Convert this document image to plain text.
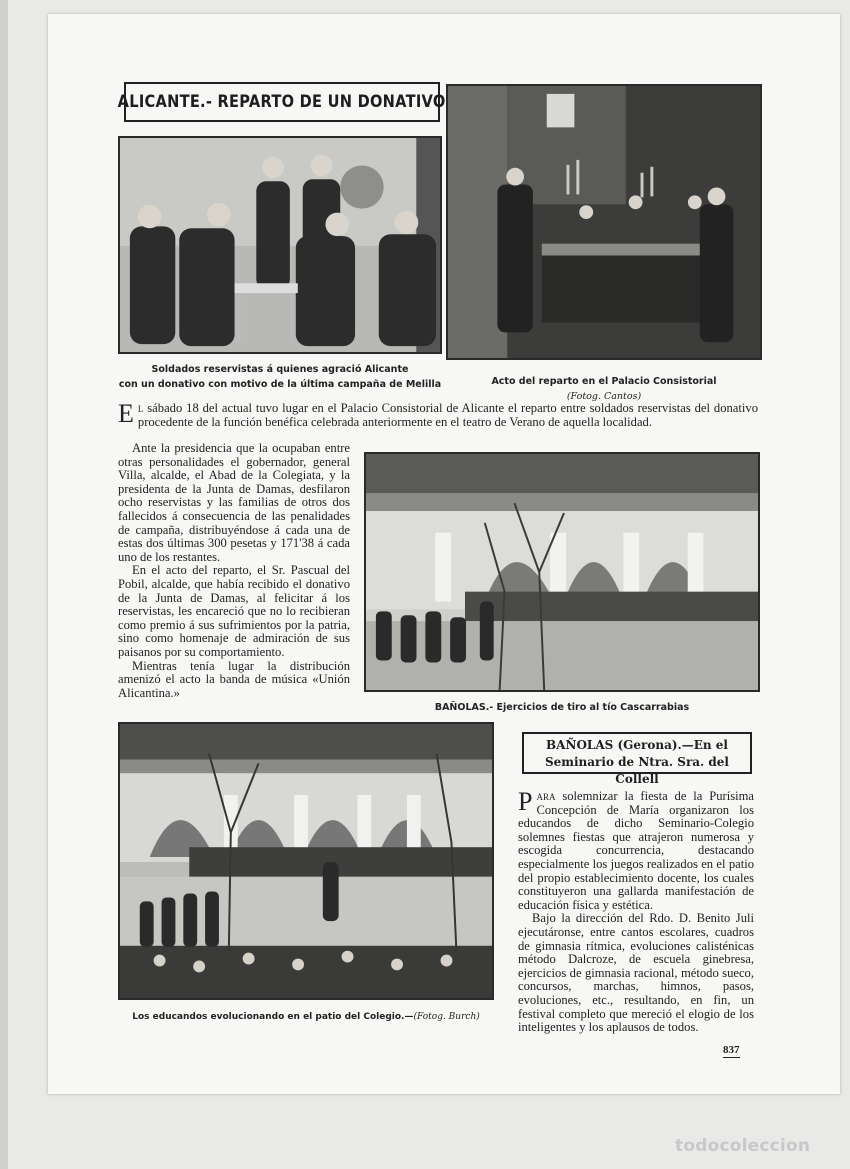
ALICANTE.- REPARTO DE UN DONATIVO
Soldados reservistas á quienes agració Alicante
con un donativo con motivo de la última campaña de Melilla	Acto del reparto en el Palacio Consistorial
(Fotog. Cantos)

El sábado 18 del actual tuvo lugar en el Palacio Consistorial de Alicante el reparto entre soldados reservistas del donativo procedente de la función benéfica celebrada anteriormente en el teatro de Verano de aquella localidad.

Ante la presidencia que la ocupaban entre otras personalidades el gobernador, general Villa, alcalde, el Abad de la Colegiata, y la presidenta de la Junta de Damas, desfilaron ocho reservistas y las familias de otros dos fallecidos á consecuencia de las penalidades de campaña, distribuyéndose á cada una de estas dos últimas 300 pesetas y 171'38 á cada uno de los restantes.

En el acto del reparto, el Sr. Pascual del Pobil, alcalde, que había recibido el donativo de la Junta de Damas, al felicitar á los reservistas, les encareció que no lo recibieran como premio á sus sufrimientos por la patria, sino como homenaje de admiración de sus paisanos por su comportamiento.

Mientras tenía lugar la distribución amenizó el acto la banda de música «Unión Alicantina.»

BAÑOLAS.- Ejercicios de tiro al tío Cascarrabias
Los educandos evolucionando en el patio del Colegio.—(Fotog. Burch)
BAÑOLAS (Gerona).—En el
Seminario de Ntra. Sra. del Collell

Para solemnizar la fiesta de la Purísima Concepción de María organizaron los educandos de dicho Seminario-Colegio solemnes fiestas que atrajeron numerosa y escogida concurrencia, destacando especialmente los juegos realizados en el patio del propio establecimiento docente, los cuales constituyeron una gallarda manifestación de educación física y estética.

Bajo la dirección del Rdo. D. Benito Juli ejecutáronse, entre cantos escolares, cuadros de gimnasia rítmica, evoluciones calisténicas método Dalcroze, de escuela ginebresa, ejercicios de gimnasia racional, método sueco, concursos, marchas, himnos, pasos, evoluciones, etc., resultando, en fin, un festival completo que mereció el elogio de los inteligentes y los aplausos de todos.

837
todocoleccion
